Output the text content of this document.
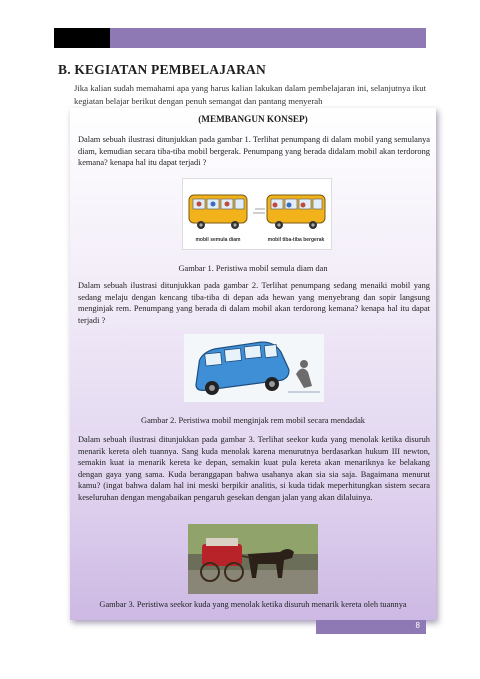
B. KEGIATAN PEMBELAJARAN
Jika kalian sudah memahami apa yang harus kalian lakukan dalam pembelajaran ini, selanjutnya ikut kegiatan belajar berikut dengan penuh semangat dan pantang menyerah
(MEMBANGUN KONSEP)
Dalam sebuah ilustrasi ditunjukkan pada gambar 1. Terlihat penumpang di dalam mobil yang semulanya diam, kemudian secara tiba-tiba mobil bergerak. Penumpang yang berada didalam mobil akan terdorong kemana? kenapa hal itu dapat terjadi ?
mobil semula diam	mobil tiba-tiba bergerak
Gambar 1. Peristiwa mobil semula diam dan
Dalam sebuah ilustrasi ditunjukkan pada gambar 2. Terlihat penumpang sedang menaiki mobil yang sedang melaju dengan kencang tiba-tiba di depan ada hewan yang menyebrang dan sopir langsung menginjak rem. Penumpang yang berada di dalam mobil akan terdorong kemana? kenapa hal itu dapat terjadi ?
Gambar 2. Peristiwa mobil menginjak rem mobil secara mendadak
Dalam sebuah ilustrasi ditunjukkan pada gambar 3. Terlihat seekor kuda yang menolak ketika disuruh menarik kereta oleh tuannya. Sang kuda menolak karena menurutnya berdasarkan hukum III newton, semakin kuat ia menarik kereta ke depan, semakin kuat pula kereta akan menariknya ke belakang dengan gaya yang sama. Kuda beranggapan bahwa usahanya akan sia sia saja. Bagaimana menurut kamu? (ingat bahwa dalam hal ini meski berpikir analitis, si kuda tidak meperhitungkan sistem secara keseluruhan dengan mengabaikan pengaruh gesekan dengan jalan yang akan dilaluinya.
Gambar 3. Peristiwa seekor kuda yang menolak ketika disuruh menarik kereta oleh tuannya
8
